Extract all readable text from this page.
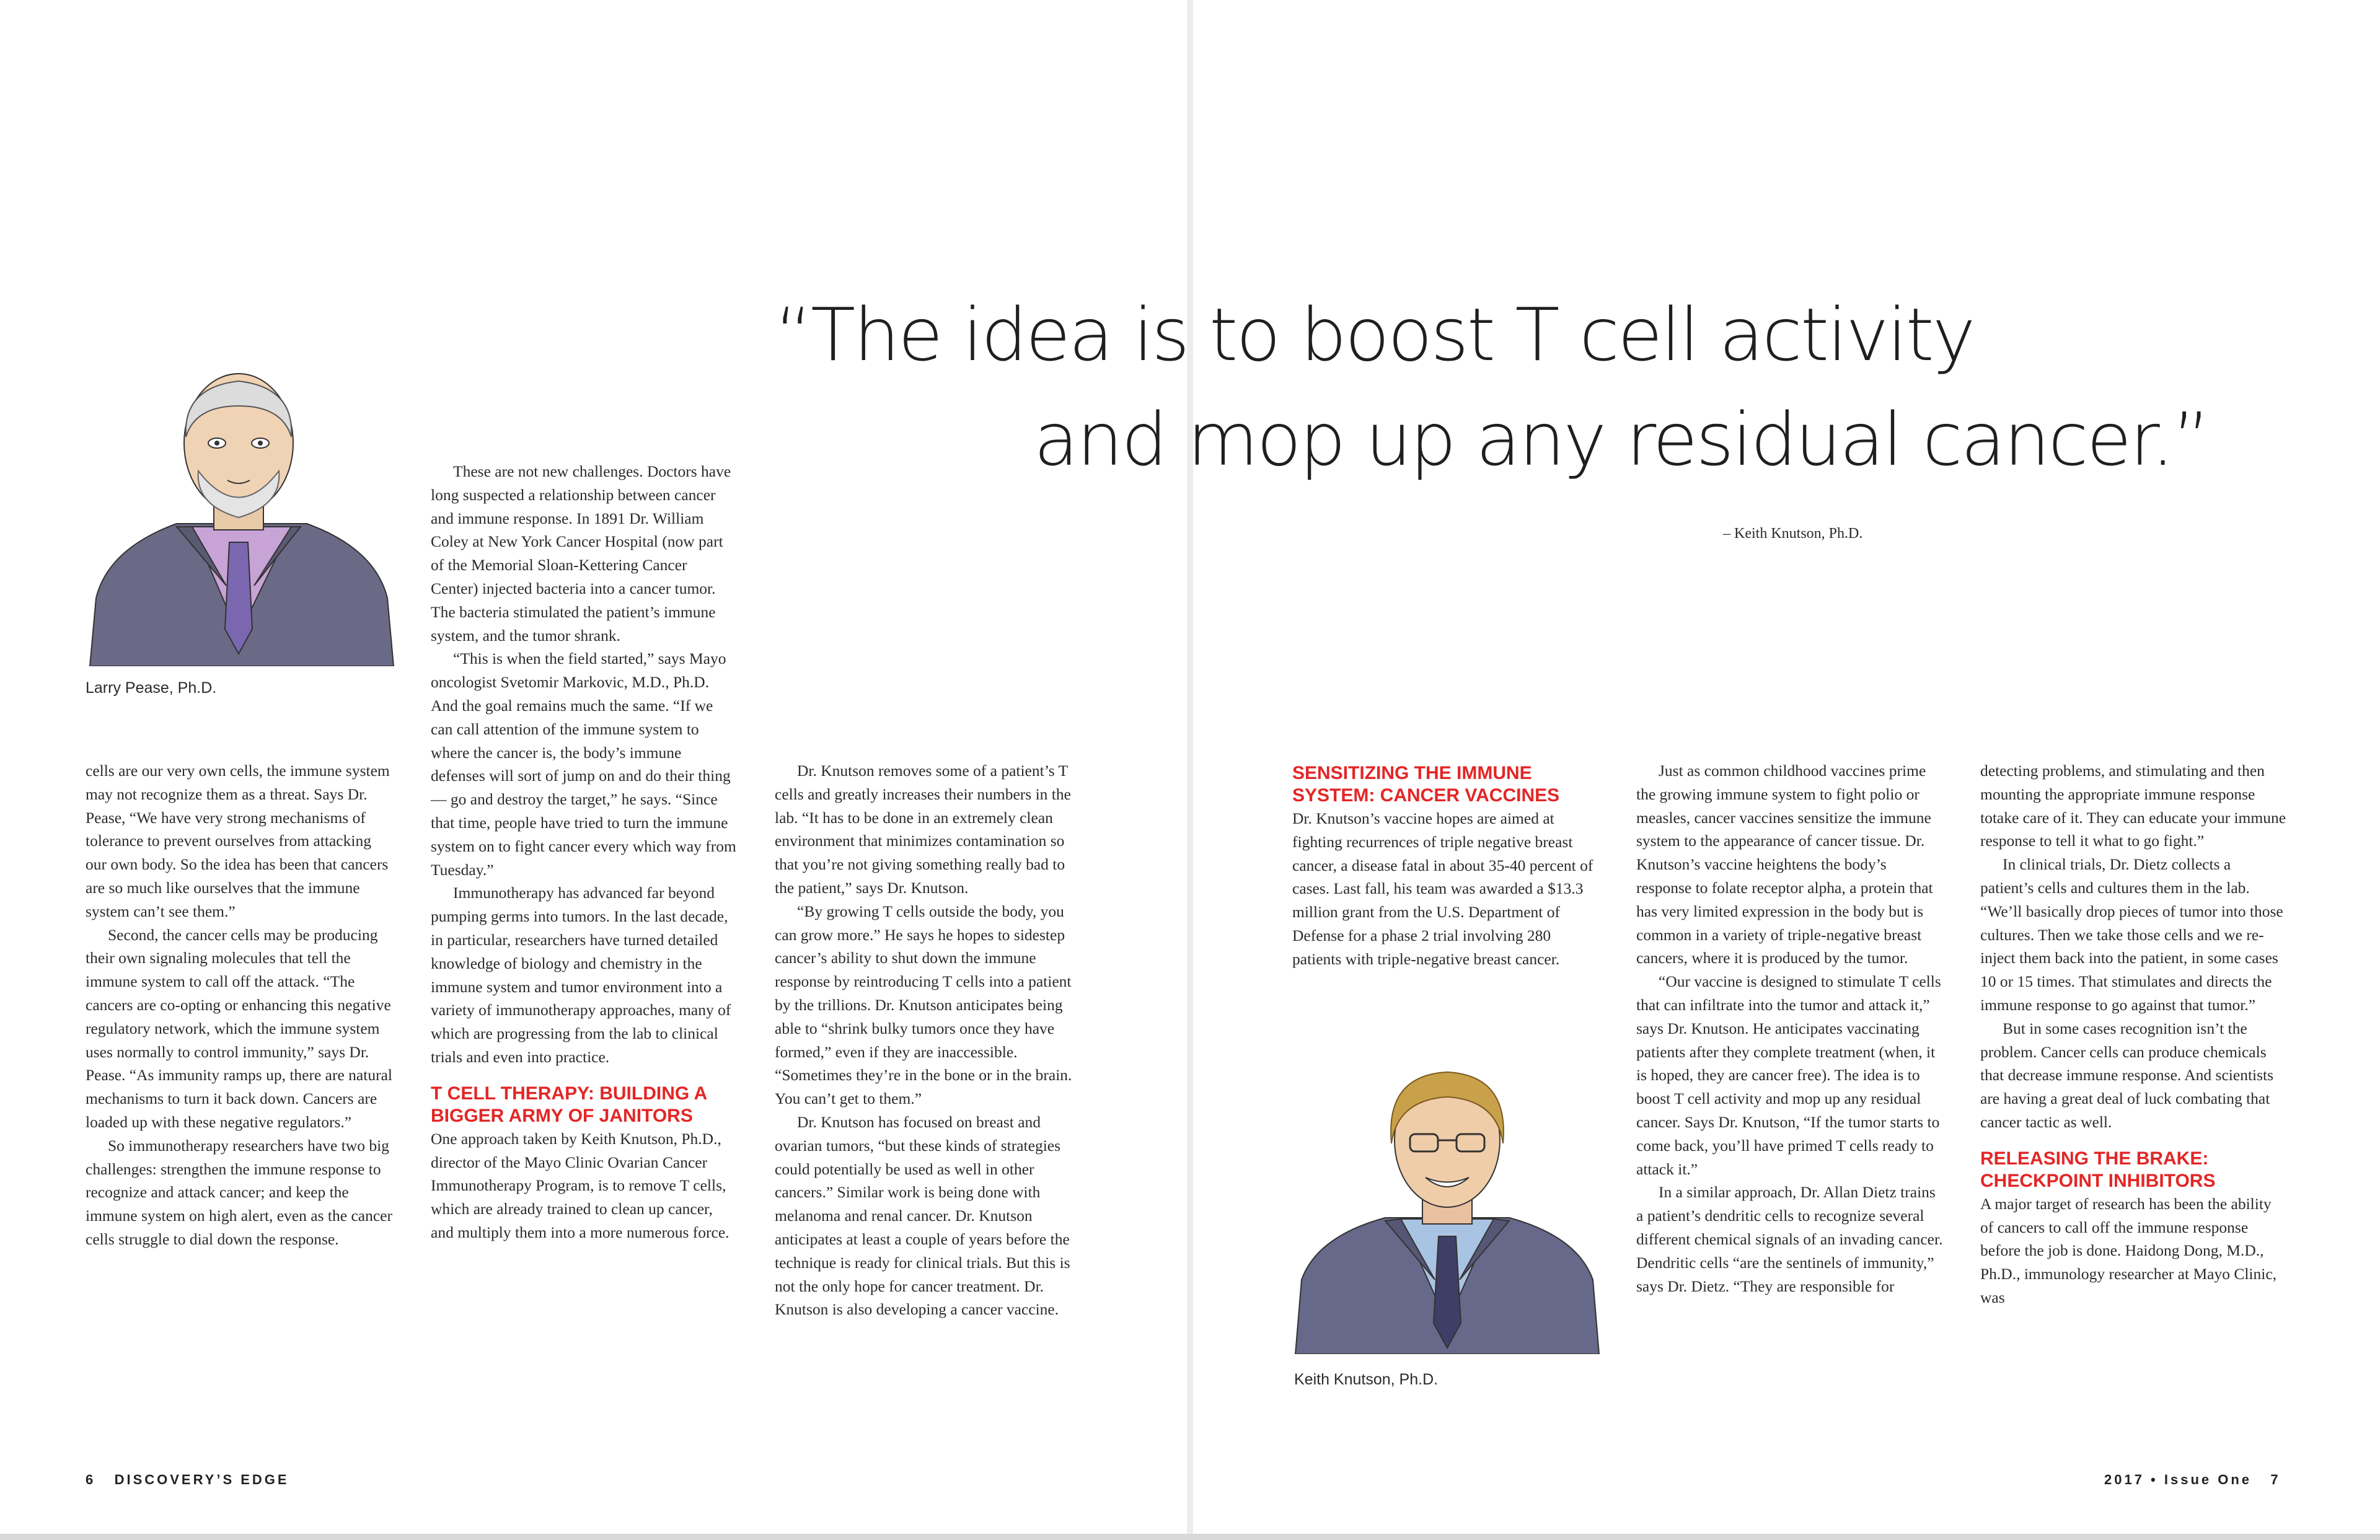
“The idea is to boost T cell activity
and mop up any residual cancer.”
– Keith Knutson, Ph.D.
Larry Pease, Ph.D.
Keith Knutson, Ph.D.

cells are our very own cells, the immune system may not recognize them as a threat. Says Dr. Pease, “We have very strong mechanisms of tolerance to prevent ourselves from attacking our own body. So the idea has been that cancers are so much like ourselves that the immune system can’t see them.”

Second, the cancer cells may be producing their own signaling molecules that tell the immune system to call off the attack. “The cancers are co-opting or enhancing this negative regulatory network, which the immune system uses normally to control immunity,” says Dr. Pease. “As immunity ramps up, there are natural mechanisms to turn it back down. Cancers are loaded up with these negative regulators.”

So immunotherapy researchers have two big challenges: strengthen the immune response to recognize and attack cancer; and keep the immune system on high alert, even as the cancer cells struggle to dial down the response.

These are not new challenges. Doctors have long suspected a relationship between cancer and immune response. In 1891 Dr. William Coley at New York Cancer Hospital (now part of the Memorial Sloan-Kettering Cancer Center) injected bacteria into a cancer tumor. The bacteria stimulated the patient’s immune system, and the tumor shrank.

“This is when the field started,” says Mayo oncologist Svetomir Markovic, M.D., Ph.D. And the goal remains much the same. “If we can call attention of the immune system to where the cancer is, the body’s immune defenses will sort of jump on and do their thing — go and destroy the target,” he says. “Since that time, people have tried to turn the immune system on to fight cancer every which way from Tuesday.”

Immunotherapy has advanced far beyond pumping germs into tumors. In the last decade, in particular, researchers have turned detailed knowledge of biology and chemistry in the immune system and tumor environment into a variety of immunotherapy approaches, many of which are progressing from the lab to clinical trials and even into practice.

T CELL THERAPY: BUILDING A BIGGER ARMY OF JANITORS

One approach taken by Keith Knutson, Ph.D., director of the Mayo Clinic Ovarian Cancer Immunotherapy Program, is to remove T cells, which are already trained to clean up cancer, and multiply them into a more numerous force.

Dr. Knutson removes some of a patient’s T cells and greatly increases their numbers in the lab. “It has to be done in an extremely clean environment that minimizes contamination so that you’re not giving something really bad to the patient,” says Dr. Knutson.

“By growing T cells outside the body, you can grow more.” He says he hopes to sidestep cancer’s ability to shut down the immune response by reintroducing T cells into a patient by the trillions. Dr. Knutson anticipates being able to “shrink bulky tumors once they have formed,” even if they are inaccessible. “Sometimes they’re in the bone or in the brain. You can’t get to them.”

Dr. Knutson has focused on breast and ovarian tumors, “but these kinds of strategies could potentially be used as well in other cancers.” Similar work is being done with melanoma and renal cancer. Dr. Knutson anticipates at least a couple of years before the technique is ready for clinical trials. But this is not the only hope for cancer treatment. Dr. Knutson is also developing a cancer vaccine.

SENSITIZING THE IMMUNE SYSTEM: CANCER VACCINES

Dr. Knutson’s vaccine hopes are aimed at fighting recurrences of triple negative breast cancer, a disease fatal in about 35-40 percent of cases. Last fall, his team was awarded a $13.3 million grant from the U.S. Department of Defense for a phase 2 trial involving 280 patients with triple-negative breast cancer.

Just as common childhood vaccines prime the growing immune system to fight polio or measles, cancer vaccines sensitize the immune system to the appearance of cancer tissue. Dr. Knutson’s vaccine heightens the body’s response to folate receptor alpha, a protein that has very limited expression in the body but is common in a variety of triple-negative breast cancers, where it is produced by the tumor.

“Our vaccine is designed to stimulate T cells that can infiltrate into the tumor and attack it,” says Dr. Knutson. He anticipates vaccinating patients after they complete treatment (when, it is hoped, they are cancer free). The idea is to boost T cell activity and mop up any residual cancer. Says Dr. Knutson, “If the tumor starts to come back, you’ll have primed T cells ready to attack it.”

In a similar approach, Dr. Allan Dietz trains a patient’s dendritic cells to recognize several different chemical signals of an invading cancer. Dendritic cells “are the sentinels of immunity,” says Dr. Dietz. “They are responsible for

detecting problems, and stimulating and then mounting the appropriate immune response totake care of it. They can educate your immune response to tell it what to go fight.”

In clinical trials, Dr. Dietz collects a patient’s cells and cultures them in the lab. “We’ll basically drop pieces of tumor into those cultures. Then we take those cells and we re-inject them back into the patient, in some cases 10 or 15 times. That stimulates and directs the immune response to go against that tumor.”

But in some cases recognition isn’t the problem. Cancer cells can produce chemicals that decrease immune response. And scientists are having a great deal of luck combating that cancer tactic as well.

RELEASING THE BRAKE: CHECKPOINT INHIBITORS

A major target of research has been the ability of cancers to call off the immune response before the job is done. Haidong Dong, M.D., Ph.D., immunology researcher at Mayo Clinic, was

6   DISCOVERY’S EDGE	2017 • Issue One   7
